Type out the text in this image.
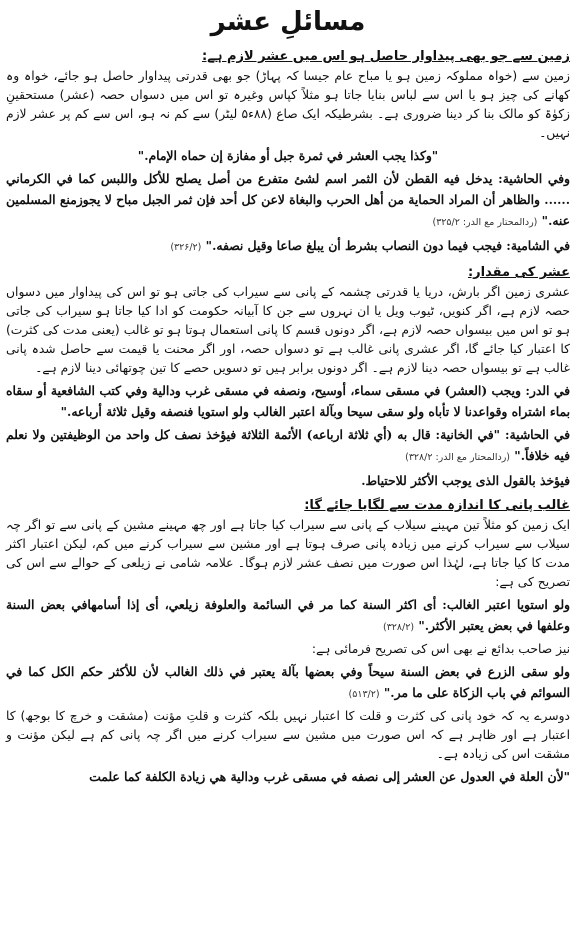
مسائلِ عشر
زمین سے جو بھی پیداوار حاصل ہو اس میں عشر لازم ہے:

زمین سے (خواہ مملوکہ زمین ہو یا مباح عام جیسا کہ پہاڑ) جو بھی قدرتی پیداوار حاصل ہو جائے، خواہ وہ کھانے کی چیز ہو یا اس سے لباس بنایا جاتا ہو مثلاً کپاس وغیرہ تو اس میں دسواں حصہ (عشر) مستحقینِ زکوٰۃ کو مالک بنا کر دینا ضروری ہے۔ بشرطیکہ ایک صاع (۸۸ء۵ لیٹر) سے کم نہ ہو، اس سے کم پر عشر لازم نہیں۔

"وكذا يجب العشر في ثمرة جبل أو مفازة إن حماه الإمام."

وفي الحاشية: يدخل فيه القطن لأن الثمر اسم لشئ متفرع من أصل يصلح للأكل واللبس كما في الكرماني ...... والظاهر أن المراد الحماية من أهل الحرب والبغاة لاعن كل أحد فإن ثمر الجبل مباح لا يجوزمنع المسلمين عنه." (ردالمحتار مع الدر: ۳۲۵/۲)

في الشامية: فيجب فيما دون النصاب بشرط أن يبلغ صاعا وقيل نصفه." (۳۲۶/۲)

عشر کی مقدار:

عشری زمین اگر بارش، دریا یا قدرتی چشمہ کے پانی سے سیراب کی جاتی ہو تو اس کی پیداوار میں دسواں حصہ لازم ہے، اگر کنویں، ٹیوب ویل یا ان نہروں سے جن کا آبیانہ حکومت کو ادا کیا جاتا ہو سیراب کی جاتی ہو تو اس میں بیسواں حصہ لازم ہے، اگر دونوں قسم کا پانی استعمال ہوتا ہو تو غالب (یعنی مدت کی کثرت) کا اعتبار کیا جائے گا، اگر عشری پانی غالب ہے تو دسواں حصہ، اور اگر محنت یا قیمت سے حاصل شدہ پانی غالب ہے تو بیسواں حصہ دینا لازم ہے۔ اگر دونوں برابر ہیں تو دسویں حصے کا تین چوتھائی دینا لازم ہے۔

في الدر: ويجب (العشر) في مسقى سماء، أوسيح، ونصفه في مسقى غرب ودالية وفي كتب الشافعية أو سقاه بماء اشتراه وقواعدنا لا تأباه ولو سقى سيحا وبآلة اعتبر الغالب ولو استويا فنصفه وقيل ثلاثة أرباعه."

في الحاشية: "في الخانية: قال به (أي ثلاثة ارباعه) الأئمة الثلاثة فيؤخذ نصف كل واحد من الوظيفتين ولا نعلم فيه خلافاً." (ردالمحتار مع الدر: ۳۲۸/۲)

فيؤخذ بالقول الذى يوجب الأكثر للاحتياط.

غالب پانی کا اندازہ مدت سے لگایا جائے گا:

ایک زمین کو مثلاً تین مہینے سیلاب کے پانی سے سیراب کیا جاتا ہے اور چھ مہینے مشین کے پانی سے تو اگر چہ سیلاب سے سیراب کرنے میں زیادہ پانی صرف ہوتا ہے اور مشین سے سیراب کرنے میں کم، لیکن اعتبار اکثر مدت کا کیا جاتا ہے، لہٰذا اس صورت میں نصف عشر لازم ہوگا۔ علامہ شامی نے زیلعی کے حوالے سے اس کی تصریح کی ہے:

ولو استويا اعتبر الغالب: أى اكثر السنة كما مر في السائمة والعلوفة زيلعي، أى إذا أسامهافي بعض السنة وعلفها في بعض يعتبر الأكثر." (۳۲۸/۲)

نیز صاحب بدائع نے بھی اس کی تصریح فرمائی ہے:

ولو سقى الزرع في بعض السنة سيحاً وفي بعضها بآلة يعتبر في ذلك الغالب لأن للأكثر حكم الكل كما في السوائم في باب الزكاة على ما مر." (۵۱۳/۲)

دوسرے یہ کہ خود پانی کی کثرت و قلت کا اعتبار نہیں بلکہ کثرت و قلتِ مؤنت (مشقت و خرچ کا بوجھ) کا اعتبار ہے اور ظاہر ہے کہ اس صورت میں مشین سے سیراب کرنے میں اگر چہ پانی کم ہے لیکن مؤنت و مشقت اس کی زیادہ ہے۔

"لأن العلة في العدول عن العشر إلى نصفه في مسقى غرب ودالية هي زيادة الكلفة كما علمت
